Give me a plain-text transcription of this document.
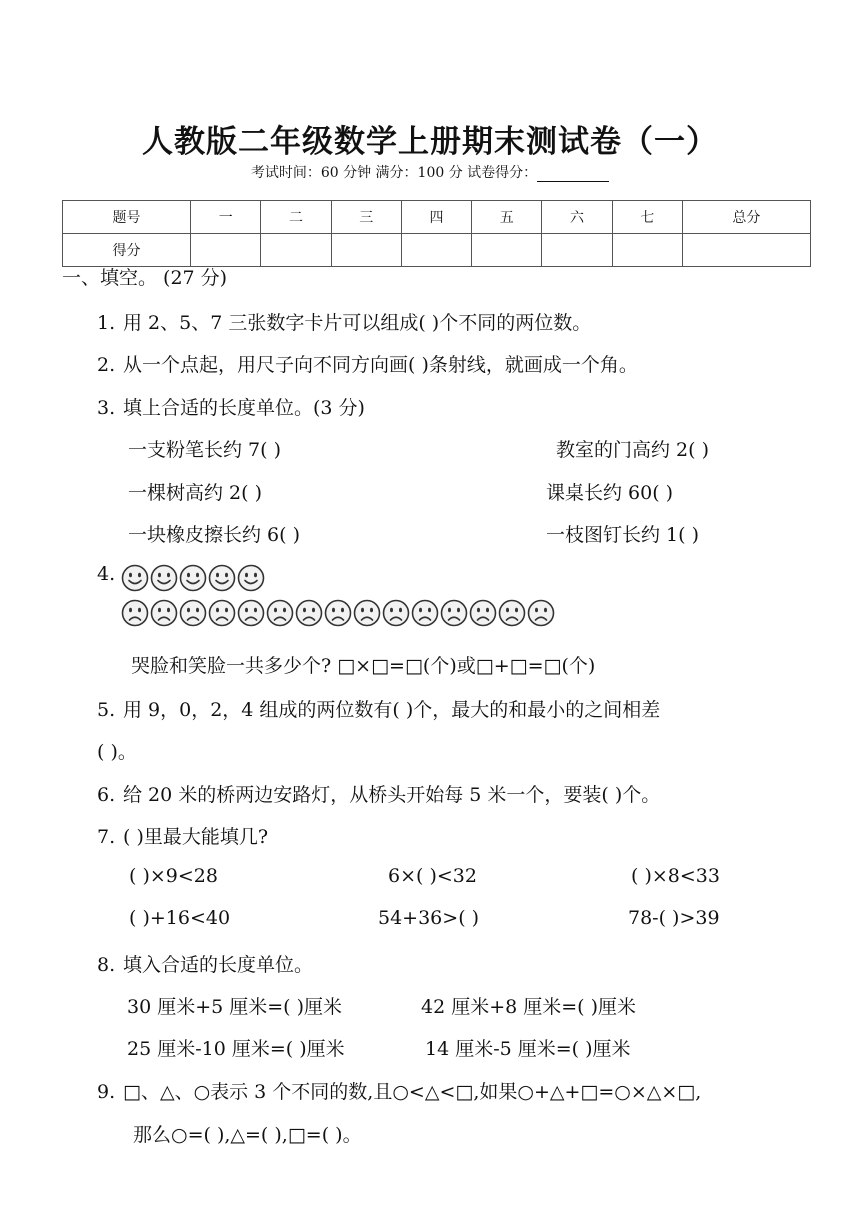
人教版二年级数学上册期末测试卷（一）
考试时间：60 分钟 满分：100 分 试卷得分：
题号	一	二	三	四	五	六	七	总分
得分								
一、填空。 (27 分)
1. 用 2、5、7 三张数字卡片可以组成( )个不同的两位数。
2. 从一个点起，用尺子向不同方向画( )条射线，就画成一个角。
3. 填上合适的长度单位。(3 分)
一支粉笔长约 7( )	教室的门高约 2( )
一棵树高约 2( )	课桌长约 60( )
一块橡皮擦长约 6( )	一枝图钉长约 1( )
4.
哭脸和笑脸一共多少个? □×□=□(个)或□+□=□(个)
5. 用 9，0，2，4 组成的两位数有( )个，最大的和最小的之间相差
( )。
6. 给 20 米的桥两边安路灯，从桥头开始每 5 米一个，要装( )个。
7. ( )里最大能填几?
( )×9<28	6×( )<32	( )×8<33
( )+16<40	54+36>( )	78-( )>39
8. 填入合适的长度单位。
30 厘米+5 厘米=( )厘米	42 厘米+8 厘米=( )厘米
25 厘米-10 厘米=( )厘米	14 厘米-5 厘米=( )厘米
9. □、△、○表示 3 个不同的数,且○<△<□,如果○+△+□=○×△×□,
那么○=( ),△=( ),□=( )。
